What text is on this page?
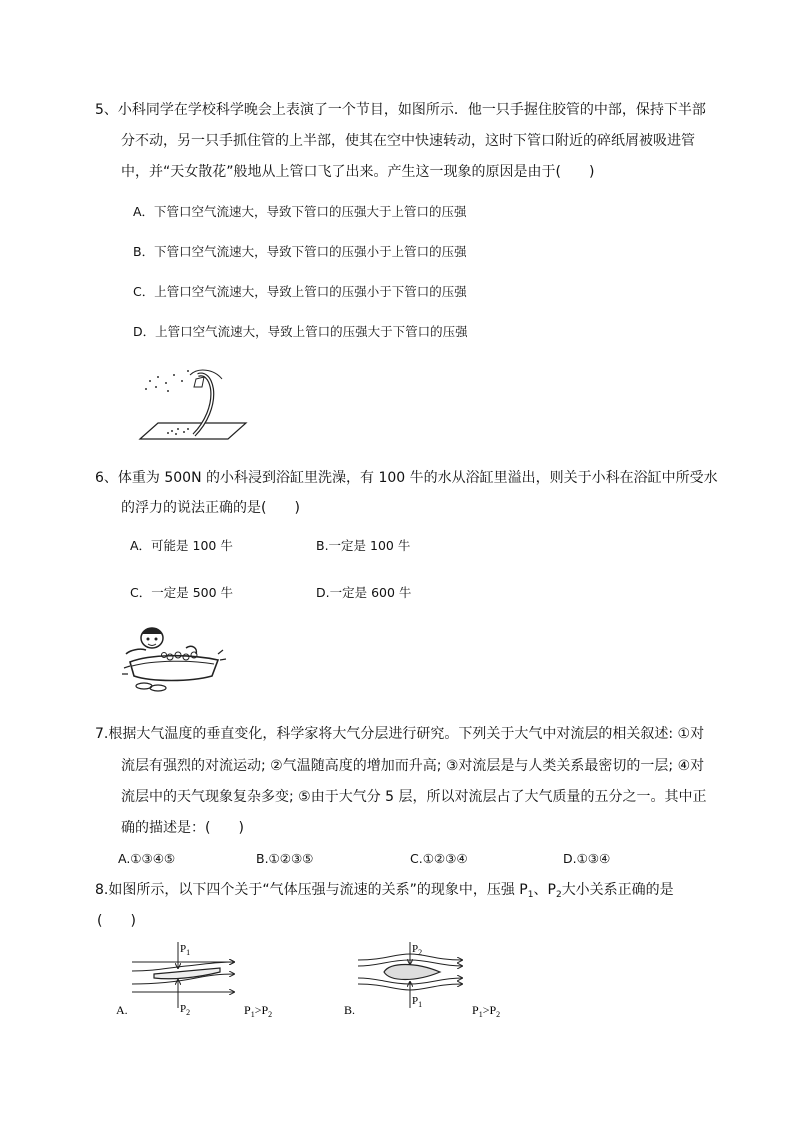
5、小科同学在学校科学晚会上表演了一个节目，如图所示．他一只手握住胶管的中部，保持下半部
分不动，另一只手抓住管的上半部，使其在空中快速转动，这时下管口附近的碎纸屑被吸进管
中，并“天女散花”般地从上管口飞了出来。产生这一现象的原因是由于(　　)
A．下管口空气流速大，导致下管口的压强大于上管口的压强
B．下管口空气流速大，导致下管口的压强小于上管口的压强
C．上管口空气流速大，导致上管口的压强小于下管口的压强
D．上管口空气流速大，导致上管口的压强大于下管口的压强
6、体重为 500N 的小科浸到浴缸里洗澡，有 100 牛的水从浴缸里溢出，则关于小科在浴缸中所受水
的浮力的说法正确的是(　　)
A．可能是 100 牛	B.一定是 100 牛
C．一定是 500 牛	D.一定是 600 牛
7.根据大气温度的垂直变化，科学家将大气分层进行研究。下列关于大气中对流层的相关叙述: ①对
流层有强烈的对流运动; ②气温随高度的增加而升高; ③对流层是与人类关系最密切的一层; ④对
流层中的天气现象复杂多变; ⑤由于大气分 5 层，所以对流层占了大气质量的五分之一。其中正
确的描述是：(　　)
A.①③④⑤	B.①②③⑤	C.①②③④	D.①③④
8.如图所示，以下四个关于“气体压强与流速的关系”的现象中，压强 $P_1$、$P_2$大小关系正确的是
(　　)
$P_1$
$P_2$
A.	$P_1>P_2$
$P_2$
$P_1$
B.	$P_1>P_2$
